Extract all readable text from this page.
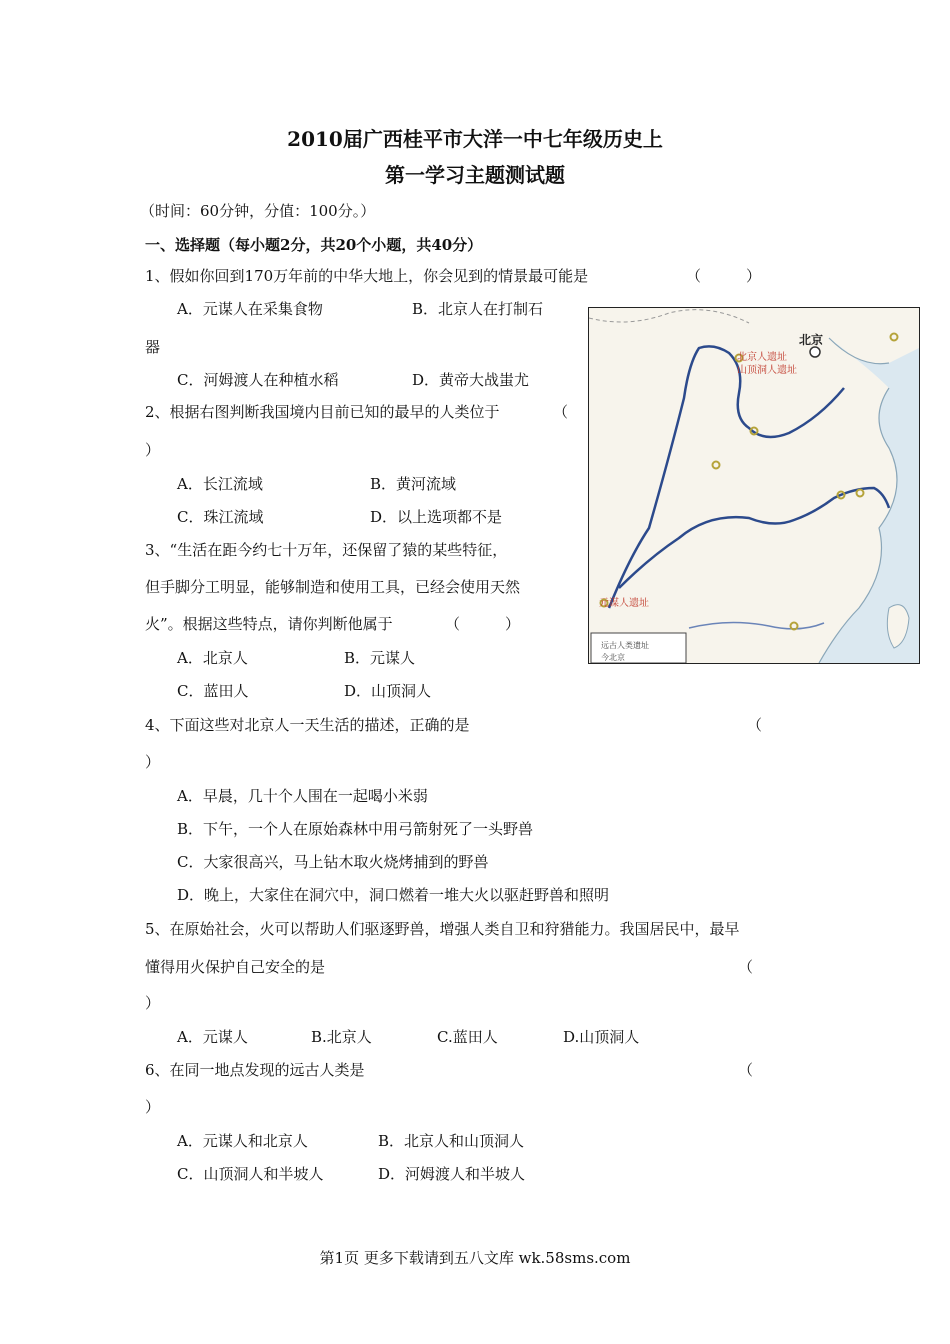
2010届广西桂平市大洋一中七年级历史上
第一学习主题测试题
（时间：60分钟，分值：100分。）
一、选择题（每小题2分，共20个小题，共40分）
1、假如你回到170万年前的中华大地上，你会见到的情景最可能是	（　　　）
A．元谋人在采集食物	B．北京人在打制石
器
C．河姆渡人在种植水稻	D．黄帝大战蚩尤
2、根据右图判断我国境内目前已知的最早的人类位于	（
）
A．长江流域	B．黄河流域
C．珠江流域	D．以上选项都不是
3、“生活在距今约七十万年，还保留了猿的某些特征，
但手脚分工明显，能够制造和使用工具，已经会使用天然
火”。根据这些特点，请你判断他属于	（　　　）
A．北京人	B．元谋人
C．蓝田人	D．山顶洞人
4、下面这些对北京人一天生活的描述，正确的是	（
）
A．早晨，几十个人围在一起喝小米弱
B．下午，一个人在原始森林中用弓箭射死了一头野兽
C．大家很高兴，马上钻木取火烧烤捕到的野兽
D．晚上，大家住在洞穴中，洞口燃着一堆大火以驱赶野兽和照明
5、在原始社会，火可以帮助人们驱逐野兽，增强人类自卫和狩猎能力。我国居民中，最早
懂得用火保护自己安全的是	（
）
A．元谋人	B.北京人	C.蓝田人	D.山顶洞人
6、在同一地点发现的远古人类是	（
）
A．元谋人和北京人	B．北京人和山顶洞人
C．山顶洞人和半坡人	D．河姆渡人和半坡人
北京
北京人遗址
山顶洞人遗址
元谋人遗址
远古人类遗址
今北京
第1页 更多下载请到五八文库 wk.58sms.com
